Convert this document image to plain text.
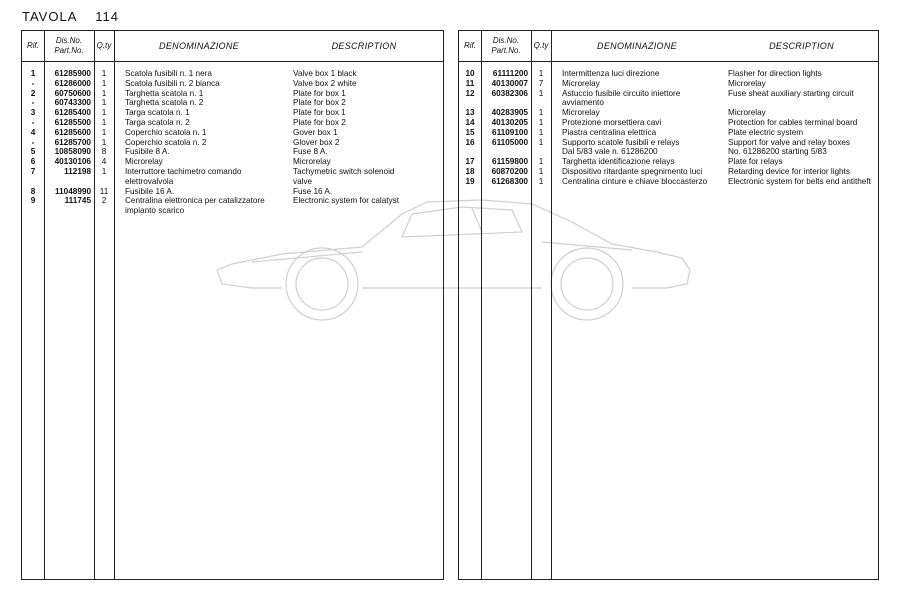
TAVOLA 114
Rif.
Dis.No.
Part.No.
Q.ty	DENOMINAZIONE	DESCRIPTION
1	61285900	1	Scatola fusibili n. 1 nera	Valve box 1 black
-	61286000	1	Scatola fusibili n. 2 bianca	Valve box 2 white
2	60750600	1	Targhetta scatola n. 1	Plate for box 1
-	60743300	1	Targhetta scatola n. 2	Plate for box 2
3	61285400	1	Targa scatola n. 1	Plate for box 1
-	61285500	1	Targa scatola n. 2	Plate for box 2
4	61285600	1	Coperchio scatola n. 1	Gover box 1
-	61285700	1	Coperchio scatola n. 2	Glover box 2
5	10858090	8	Fusibile 8 A.	Fuse 8 A.
6	40130106	4	Microrelay	Microrelay
7	112198	1	Interruttore tachimetro comando	Tachymetric switch solenoid
elettrovalvola	valve
8	11048990	11	Fusibile 16 A.	Fuse 16 A.
9	111745	2	Centralina elettronica per catalizzatore	Electronic system for calatyst
impianto scarico
Rif.
Dis.No.
Part.No.
Q.ty	DENOMINAZIONE	DESCRIPTION
10	61111200	1	Intermittenza luci direzione	Flasher for direction lights
11	40130007	7	Microrelay	Microrelay
12	60382306	1	Astuccio fusibile circuito iniettore	Fuse sheat auxiliary starting circuit
avviamento
13	40283905	1	Microrelay	Microrelay
14	40130205	1	Protezione morsettiera cavi	Protection for cables terminal board
15	61109100	1	Piastra centralina elettrica	Plate electric system
16	61105000	1	Supporto scatole fusibili e relays	Support for valve and relay boxes
Dal 5/83 vale n. 61286200	No. 61286200 starting 5/83
17	61159800	1	Targhetta identificazione relays	Plate for relays
18	60870200	1	Dispositivo ritardante spegnimento luci	Retarding device for interior lights
19	61268300	1	Centralina cinture e chiave bloccasterzo	Electronic system for belts end antitheft
